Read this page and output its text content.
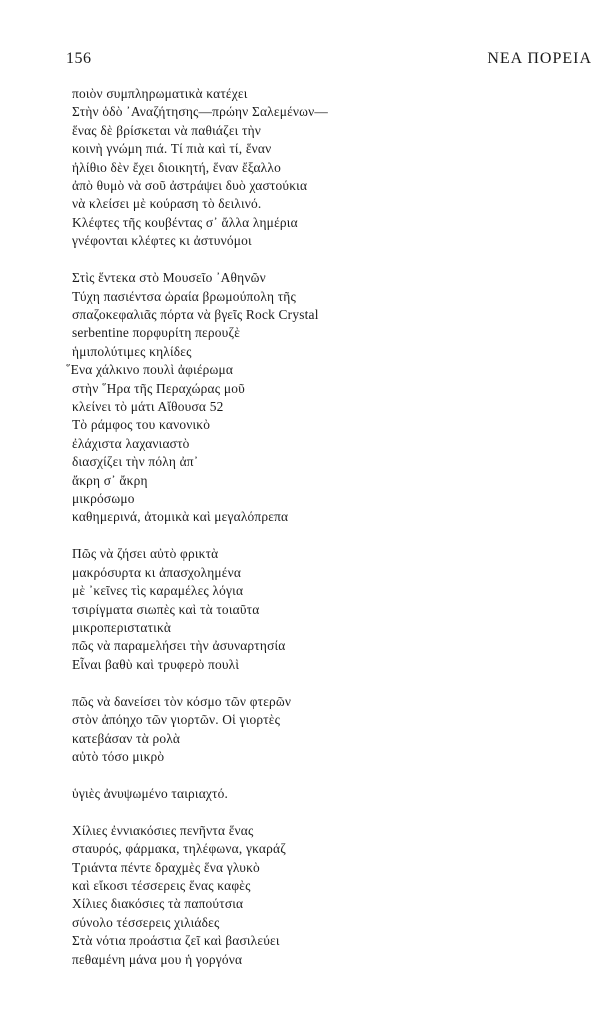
156	ΝΕΑ ΠΟΡΕΙΑ
ποιὸν συμπληρωματικὰ κατέχει
Στὴν ὁδὸ ᾽Αναζήτησης—πρώην Σαλεμένων—
ἕνας δὲ βρίσκεται νὰ παθιάζει τὴν
κοινὴ γνώμη πιά. Τί πιὰ καὶ τί, ἕναν
ἠλίθιο δὲν ἔχει διοικητή, ἕναν ἔξαλλο
ἀπὸ θυμὸ νὰ σοῦ ἀστράψει δυὸ χαστούκια
νὰ κλείσει μὲ κούραση τὸ δειλινό.
Κλέφτες τῆς κουβέντας σ᾽ ἄλλα λημέρια
γνέφονται κλέφτες κι ἀστυνόμοι
Στὶς ἕντεκα στὸ Μουσεῖο ᾽Αθηνῶν
Τύχη πασιέντσα ὡραία βρωμούπολη τῆς
σπαζοκεφαλιᾶς πόρτα νὰ βγεῖς Rock Crystal
serbentine πορφυρίτη περουζὲ
ἡμιπολύτιμες κηλίδες
῞Ενα χάλκινο πουλὶ ἀφιέρωμα
στὴν ῞Ηρα τῆς Περαχώρας μοῦ
κλείνει τὸ μάτι Αἴθουσα 52
Τὸ ράμφος του κανονικὸ
ἐλάχιστα λαχανιαστὸ
διασχίζει τὴν πόλη ἀπ᾽
ἄκρη σ᾽ ἄκρη
μικρόσωμο
καθημερινά, ἀτομικὰ καὶ μεγαλόπρεπα
Πῶς νὰ ζήσει αὐτὸ φρικτὰ
μακρόσυρτα κι ἀπασχολημένα
μὲ ᾽κεῖνες τὶς καραμέλες λόγια
τσιρίγματα σιωπὲς καὶ τὰ τοιαῦτα
μικροπεριστατικὰ
πῶς νὰ παραμελήσει τὴν ἀσυναρτησία
Εἶναι βαθὺ καὶ τρυφερὸ πουλὶ
πῶς νὰ δανείσει τὸν κόσμο τῶν φτερῶν
στὸν ἀπόηχο τῶν γιορτῶν. Οἱ γιορτὲς
κατεβάσαν τὰ ρολὰ
αὐτὸ τόσο μικρὸ
ὑγιὲς ἀνυψωμένο ταιριαχτό.
Χίλιες ἐννιακόσιες πενῆντα ἕνας
σταυρός, φάρμακα, τηλέφωνα, γκαράζ
Τριάντα πέντε δραχμὲς ἕνα γλυκὸ
καὶ εἴκοσι τέσσερεις ἕνας καφὲς
Χίλιες διακόσιες τὰ παπούτσια
σύνολο τέσσερεις χιλιάδες
Στὰ νότια προάστια ζεῖ καὶ βασιλεύει
πεθαμένη μάνα μου ἡ γοργόνα
